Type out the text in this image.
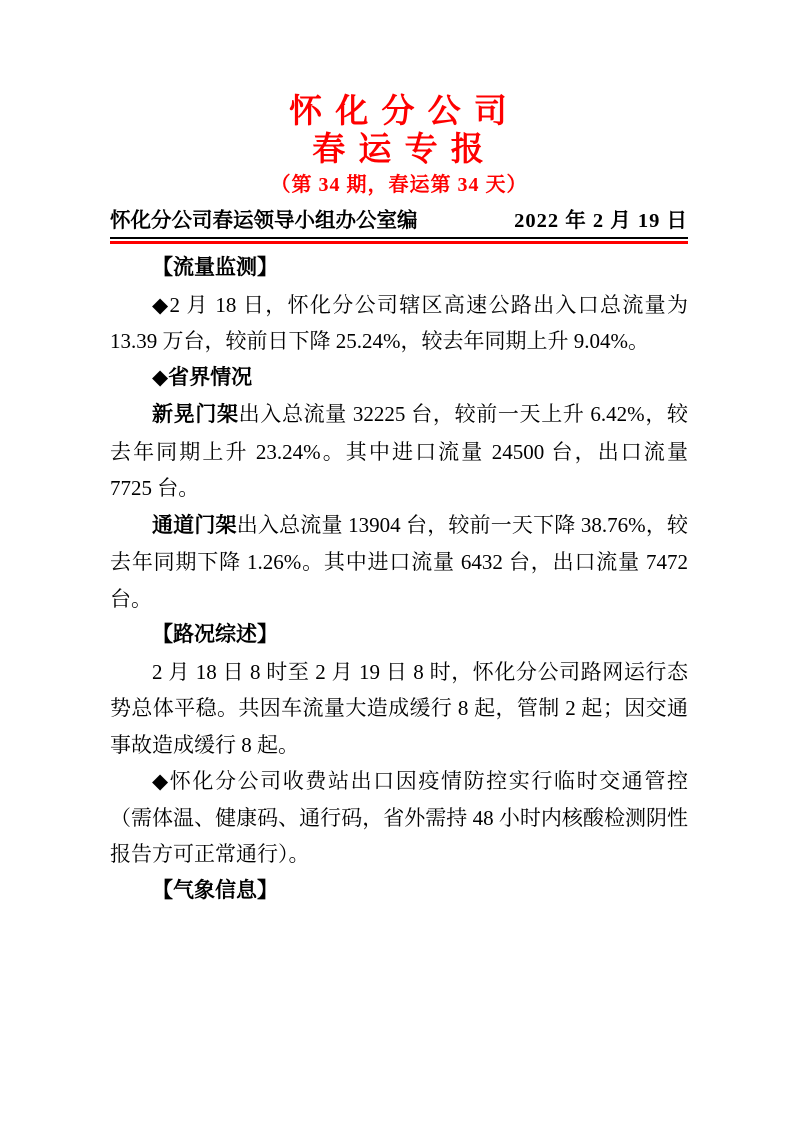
怀 化 分 公 司
春 运 专 报
（第 34 期，春运第 34 天）
怀化分公司春运领导小组办公室编	2022 年 2 月 19 日
【流量监测】

◆2 月 18 日，怀化分公司辖区高速公路出入口总流量为 13.39 万台，较前日下降 25.24%，较去年同期上升 9.04%。

◆省界情况

新晃门架出入总流量 32225 台，较前一天上升 6.42%，较去年同期上升 23.24%。其中进口流量 24500 台，出口流量 7725 台。

通道门架出入总流量 13904 台，较前一天下降 38.76%，较去年同期下降 1.26%。其中进口流量 6432 台，出口流量 7472 台。

【路况综述】

2 月 18 日 8 时至 2 月 19 日 8 时，怀化分公司路网运行态势总体平稳。共因车流量大造成缓行 8 起，管制 2 起；因交通事故造成缓行 8 起。

◆怀化分公司收费站出口因疫情防控实行临时交通管控（需体温、健康码、通行码，省外需持 48 小时内核酸检测阴性报告方可正常通行）。

【气象信息】
